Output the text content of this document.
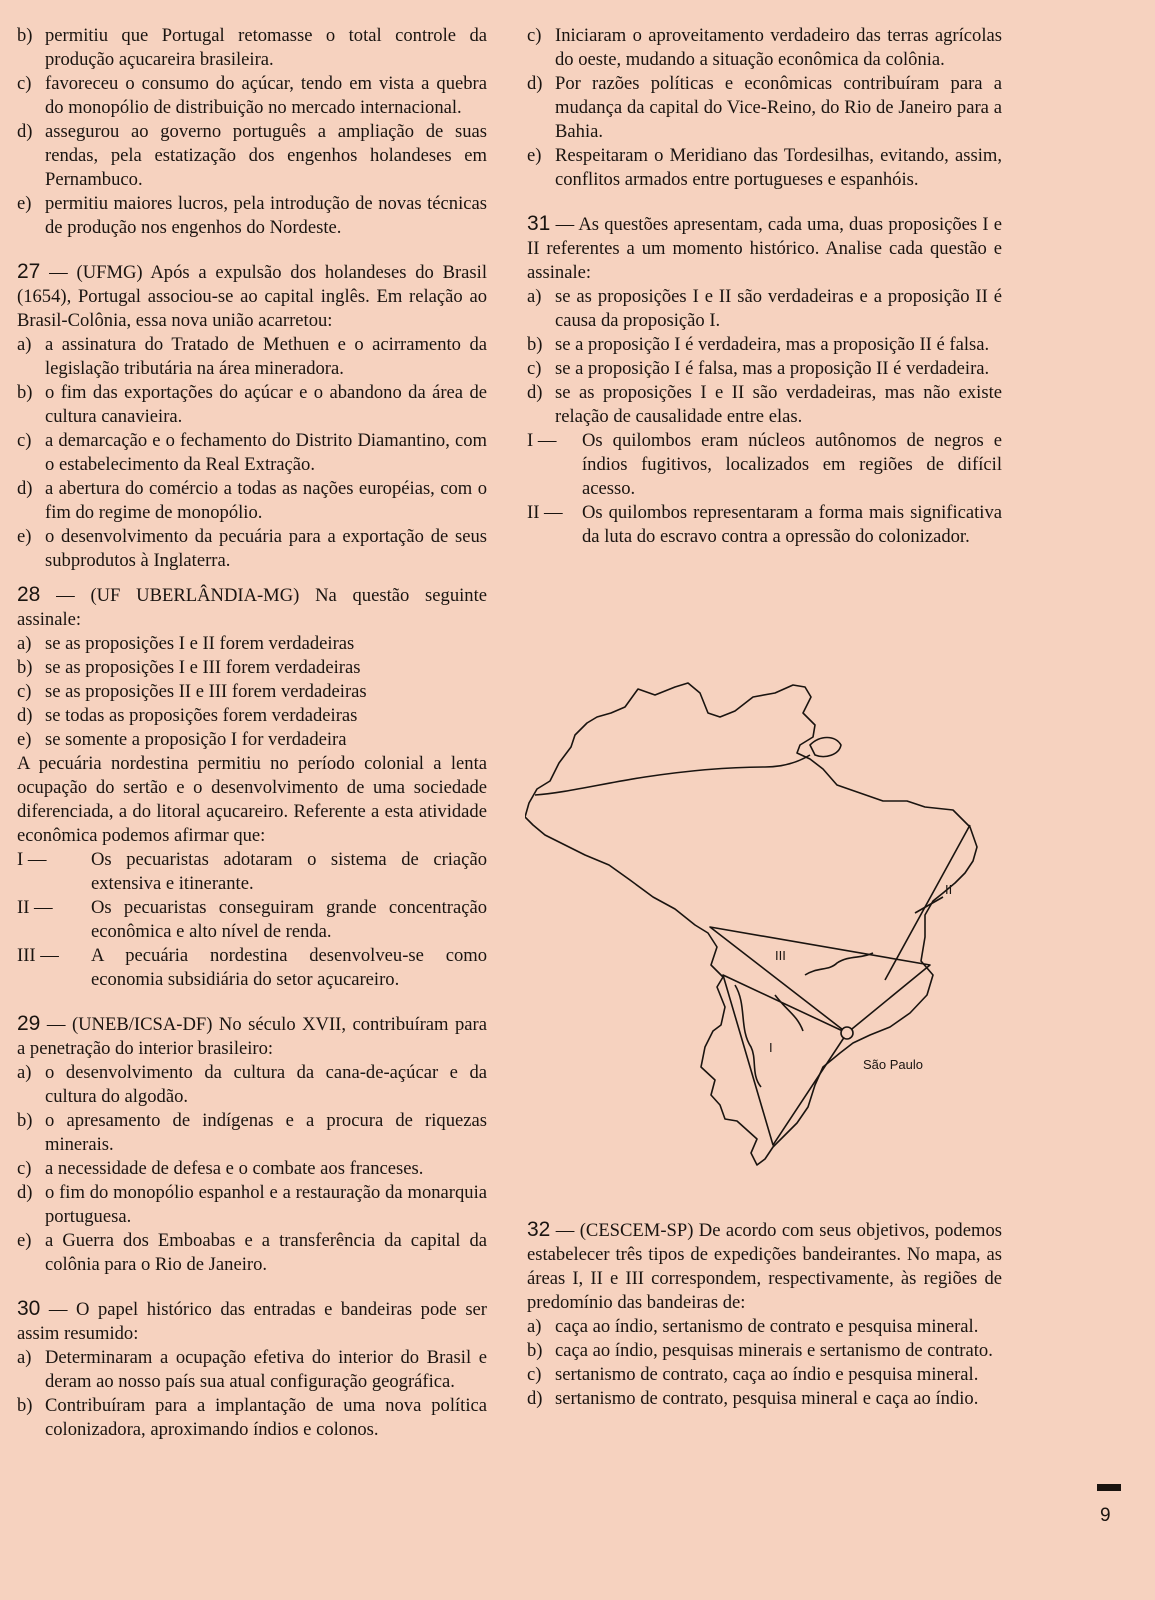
b) permitiu que Portugal retomasse o total controle da produção açucareira brasileira.

c) favoreceu o consumo do açúcar, tendo em vista a quebra do monopólio de distribuição no mercado internacional.

d) assegurou ao governo português a ampliação de suas rendas, pela estatização dos engenhos holandeses em Pernambuco.

e) permitiu maiores lucros, pela introdução de novas técnicas de produção nos engenhos do Nordeste.

27 — (UFMG) Após a expulsão dos holandeses do Brasil (1654), Portugal associou-se ao capital inglês. Em relação ao Brasil-Colônia, essa nova união acarretou:

a) a assinatura do Tratado de Methuen e o acirramento da legislação tributária na área mineradora.

b) o fim das exportações do açúcar e o abandono da área de cultura canavieira.

c) a demarcação e o fechamento do Distrito Diamantino, com o estabelecimento da Real Extração.

d) a abertura do comércio a todas as nações européias, com o fim do regime de monopólio.

e) o desenvolvimento da pecuária para a exportação de seus subprodutos à Inglaterra.

28 — (UF UBERLÂNDIA-MG) Na questão seguinte assinale:

a) se as proposições I e II forem verdadeiras

b) se as proposições I e III forem verdadeiras

c) se as proposições II e III forem verdadeiras

d) se todas as proposições forem verdadeiras

e) se somente a proposição I for verdadeira

A pecuária nordestina permitiu no período colonial a lenta ocupação do sertão e o desenvolvimento de uma sociedade diferenciada, a do litoral açucareiro. Referente a esta atividade econômica podemos afirmar que:

I —	Os pecuaristas adotaram o sistema de criação extensiva e itinerante.

II —	Os pecuaristas conseguiram grande concentração econômica e alto nível de renda.

III —	A pecuária nordestina desenvolveu-se como economia subsidiária do setor açucareiro.

29 — (UNEB/ICSA-DF) No século XVII, contribuíram para a penetração do interior brasileiro:

a) o desenvolvimento da cultura da cana-de-açúcar e da cultura do algodão.

b) o apresamento de indígenas e a procura de riquezas minerais.

c) a necessidade de defesa e o combate aos franceses.

d) o fim do monopólio espanhol e a restauração da monarquia portuguesa.

e) a Guerra dos Emboabas e a transferência da capital da colônia para o Rio de Janeiro.

30 — O papel histórico das entradas e bandeiras pode ser assim resumido:

a) Determinaram a ocupação efetiva do interior do Brasil e deram ao nosso país sua atual configuração geográfica.

b) Contribuíram para a implantação de uma nova política colonizadora, aproximando índios e colonos.

c) Iniciaram o aproveitamento verdadeiro das terras agrícolas do oeste, mudando a situação econômica da colônia.

d) Por razões políticas e econômicas contribuíram para a mudança da capital do Vice-Reino, do Rio de Janeiro para a Bahia.

e) Respeitaram o Meridiano das Tordesilhas, evitando, assim, conflitos armados entre portugueses e espanhóis.

31 — As questões apresentam, cada uma, duas proposições I e II referentes a um momento histórico. Analise cada questão e assinale:

a) se as proposições I e II são verdadeiras e a proposição II é causa da proposição I.

b) se a proposição I é verdadeira, mas a proposição II é falsa.

c) se a proposição I é falsa, mas a proposição II é verdadeira.

d) se as proposições I e II são verdadeiras, mas não existe relação de causalidade entre elas.

I —	Os quilombos eram núcleos autônomos de negros e índios fugitivos, localizados em regiões de difícil acesso.

II —	Os quilombos representaram a forma mais significativa da luta do escravo contra a opressão do colonizador.

I
II
III
São Paulo

32 — (CESCEM-SP) De acordo com seus objetivos, podemos estabelecer três tipos de expedições bandeirantes. No mapa, as áreas I, II e III correspondem, respectivamente, às regiões de predomínio das bandeiras de:

a) caça ao índio, sertanismo de contrato e pesquisa mineral.

b) caça ao índio, pesquisas minerais e sertanismo de contrato.

c) sertanismo de contrato, caça ao índio e pesquisa mineral.

d) sertanismo de contrato, pesquisa mineral e caça ao índio.

9
